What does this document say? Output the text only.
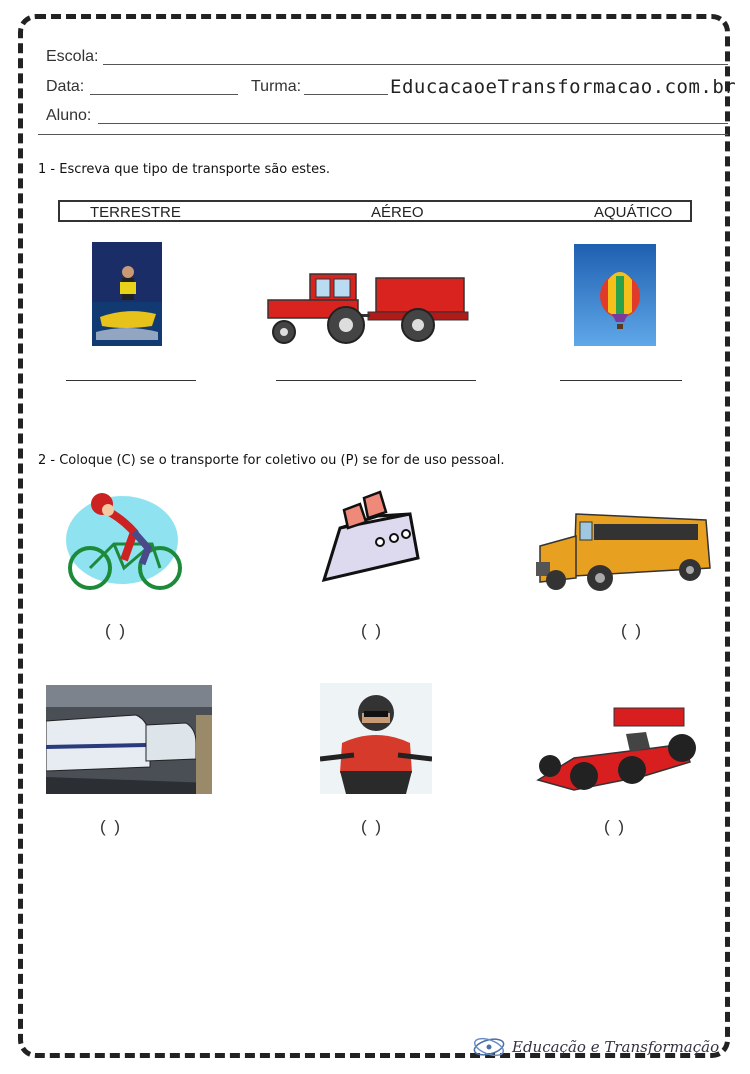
Escola:
Data:	Turma:	EducacaoeTransformacao.com.br
Aluno:
1 - Escreva que tipo de transporte são estes.
TERRESTRE	AÉREO	AQUÁTICO
2 - Coloque (C) se o transporte for coletivo ou (P) se for de uso pessoal.
( )	( )	( )
( )	( )	( )
Educação e Transformação
